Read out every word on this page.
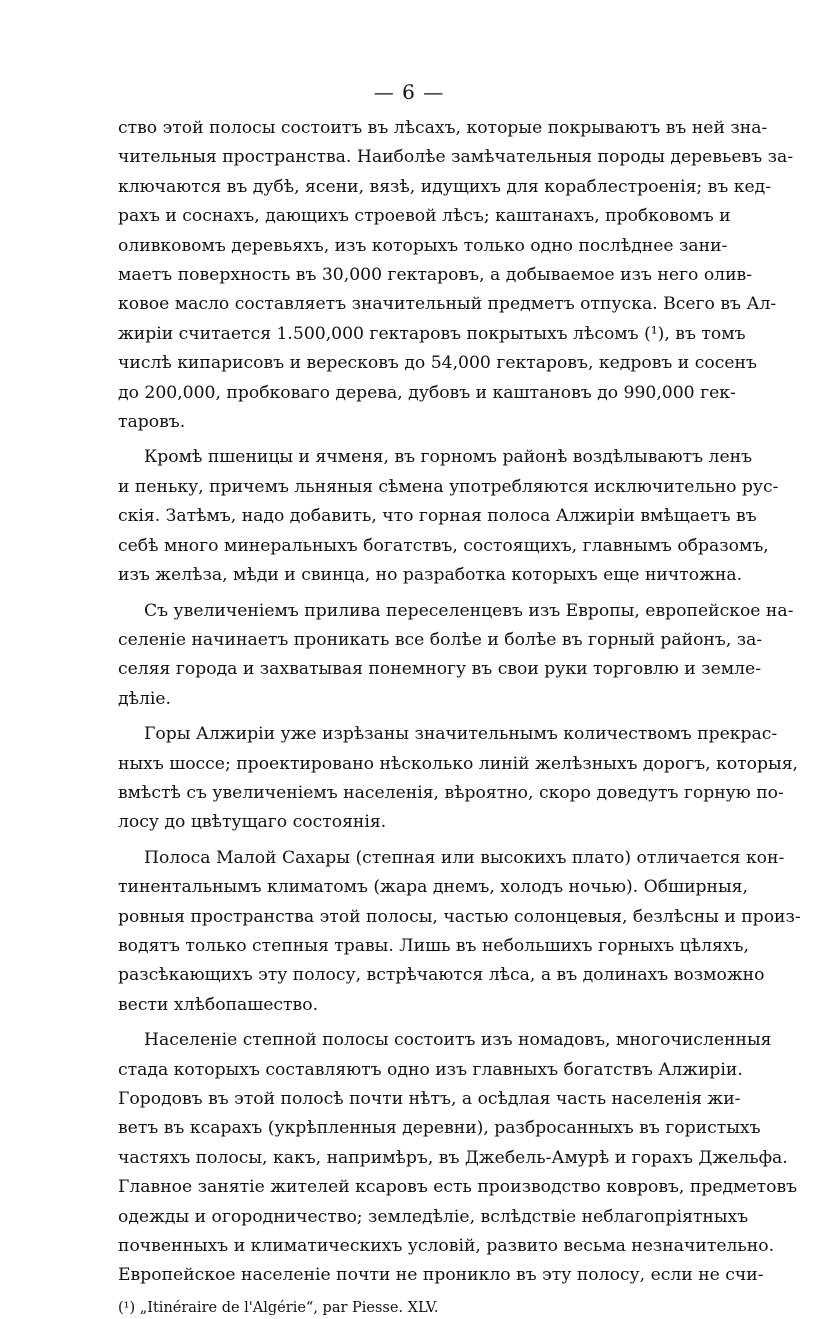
— 6 —
ство этой полосы состоитъ въ лѣсахъ, которые покрываютъ въ ней зна-
чительныя пространства. Наиболѣе замѣчательныя породы деревьевъ за-
ключаются въ дубѣ, ясени, вязѣ, идущихъ для кораблестроенія; въ кед-
рахъ и соснахъ, дающихъ строевой лѣсъ; каштанахъ, пробковомъ и
оливковомъ деревьяхъ, изъ которыхъ только одно послѣднее зани-
маетъ поверхность въ 30,000 гектаровъ, а добываемое изъ него олив-
ковое масло составляетъ значительный предметъ отпуска. Всего въ Ал-
жиріи считается 1.500,000 гектаровъ покрытыхъ лѣсомъ (¹), въ томъ
числѣ кипарисовъ и вересковъ до 54,000 гектаровъ, кедровъ и сосенъ
до 200,000, пробковаго дерева, дубовъ и каштановъ до 990,000 гек-
таровъ.
Кромѣ пшеницы и ячменя, въ горномъ районѣ воздѣлываютъ ленъ
и пеньку, причемъ льняныя сѣмена употребляются исключительно рус-
скія. Затѣмъ, надо добавить, что горная полоса Алжиріи вмѣщаетъ въ
себѣ много минеральныхъ богатствъ, состоящихъ, главнымъ образомъ,
изъ желѣза, мѣди и свинца, но разработка которыхъ еще ничтожна.
Съ увеличеніемъ прилива переселенцевъ изъ Европы, европейское на-
селеніе начинаетъ проникать все болѣе и болѣе въ горный районъ, за-
селяя города и захватывая понемногу въ свои руки торговлю и земле-
дѣліе.
Горы Алжиріи уже изрѣзаны значительнымъ количествомъ прекрас-
ныхъ шоссе; проектировано нѣсколько линій желѣзныхъ дорогъ, которыя,
вмѣстѣ съ увеличеніемъ населенія, вѣроятно, скоро доведутъ горную по-
лосу до цвѣтущаго состоянія.
Полоса Малой Сахары (степная или высокихъ плато) отличается кон-
тинентальнымъ климатомъ (жара днемъ, холодъ ночью). Обширныя,
ровныя пространства этой полосы, частью солонцевыя, безлѣсны и произ-
водятъ только степныя травы. Лишь въ небольшихъ горныхъ цѣляхъ,
разсѣкающихъ эту полосу, встрѣчаются лѣса, а въ долинахъ возможно
вести хлѣбопашество.
Населеніе степной полосы состоитъ изъ номадовъ, многочисленныя
стада которыхъ составляютъ одно изъ главныхъ богатствъ Алжиріи.
Городовъ въ этой полосѣ почти нѣтъ, а осѣдлая часть населенія жи-
ветъ въ ксарахъ (укрѣпленныя деревни), разбросанныхъ въ гористыхъ
частяхъ полосы, какъ, напримѣръ, въ Джебель-Амурѣ и горахъ Джельфа.
Главное занятіе жителей ксаровъ есть производство ковровъ, предметовъ
одежды и огородничество; земледѣліе, вслѣдствіе неблагопріятныхъ
почвенныхъ и климатическихъ условій, развито весьма незначительно.
Европейское населеніе почти не проникло въ эту полосу, если не счи-
(¹) „Itinéraire de l'Algérie“, par Piesse. XLV.
